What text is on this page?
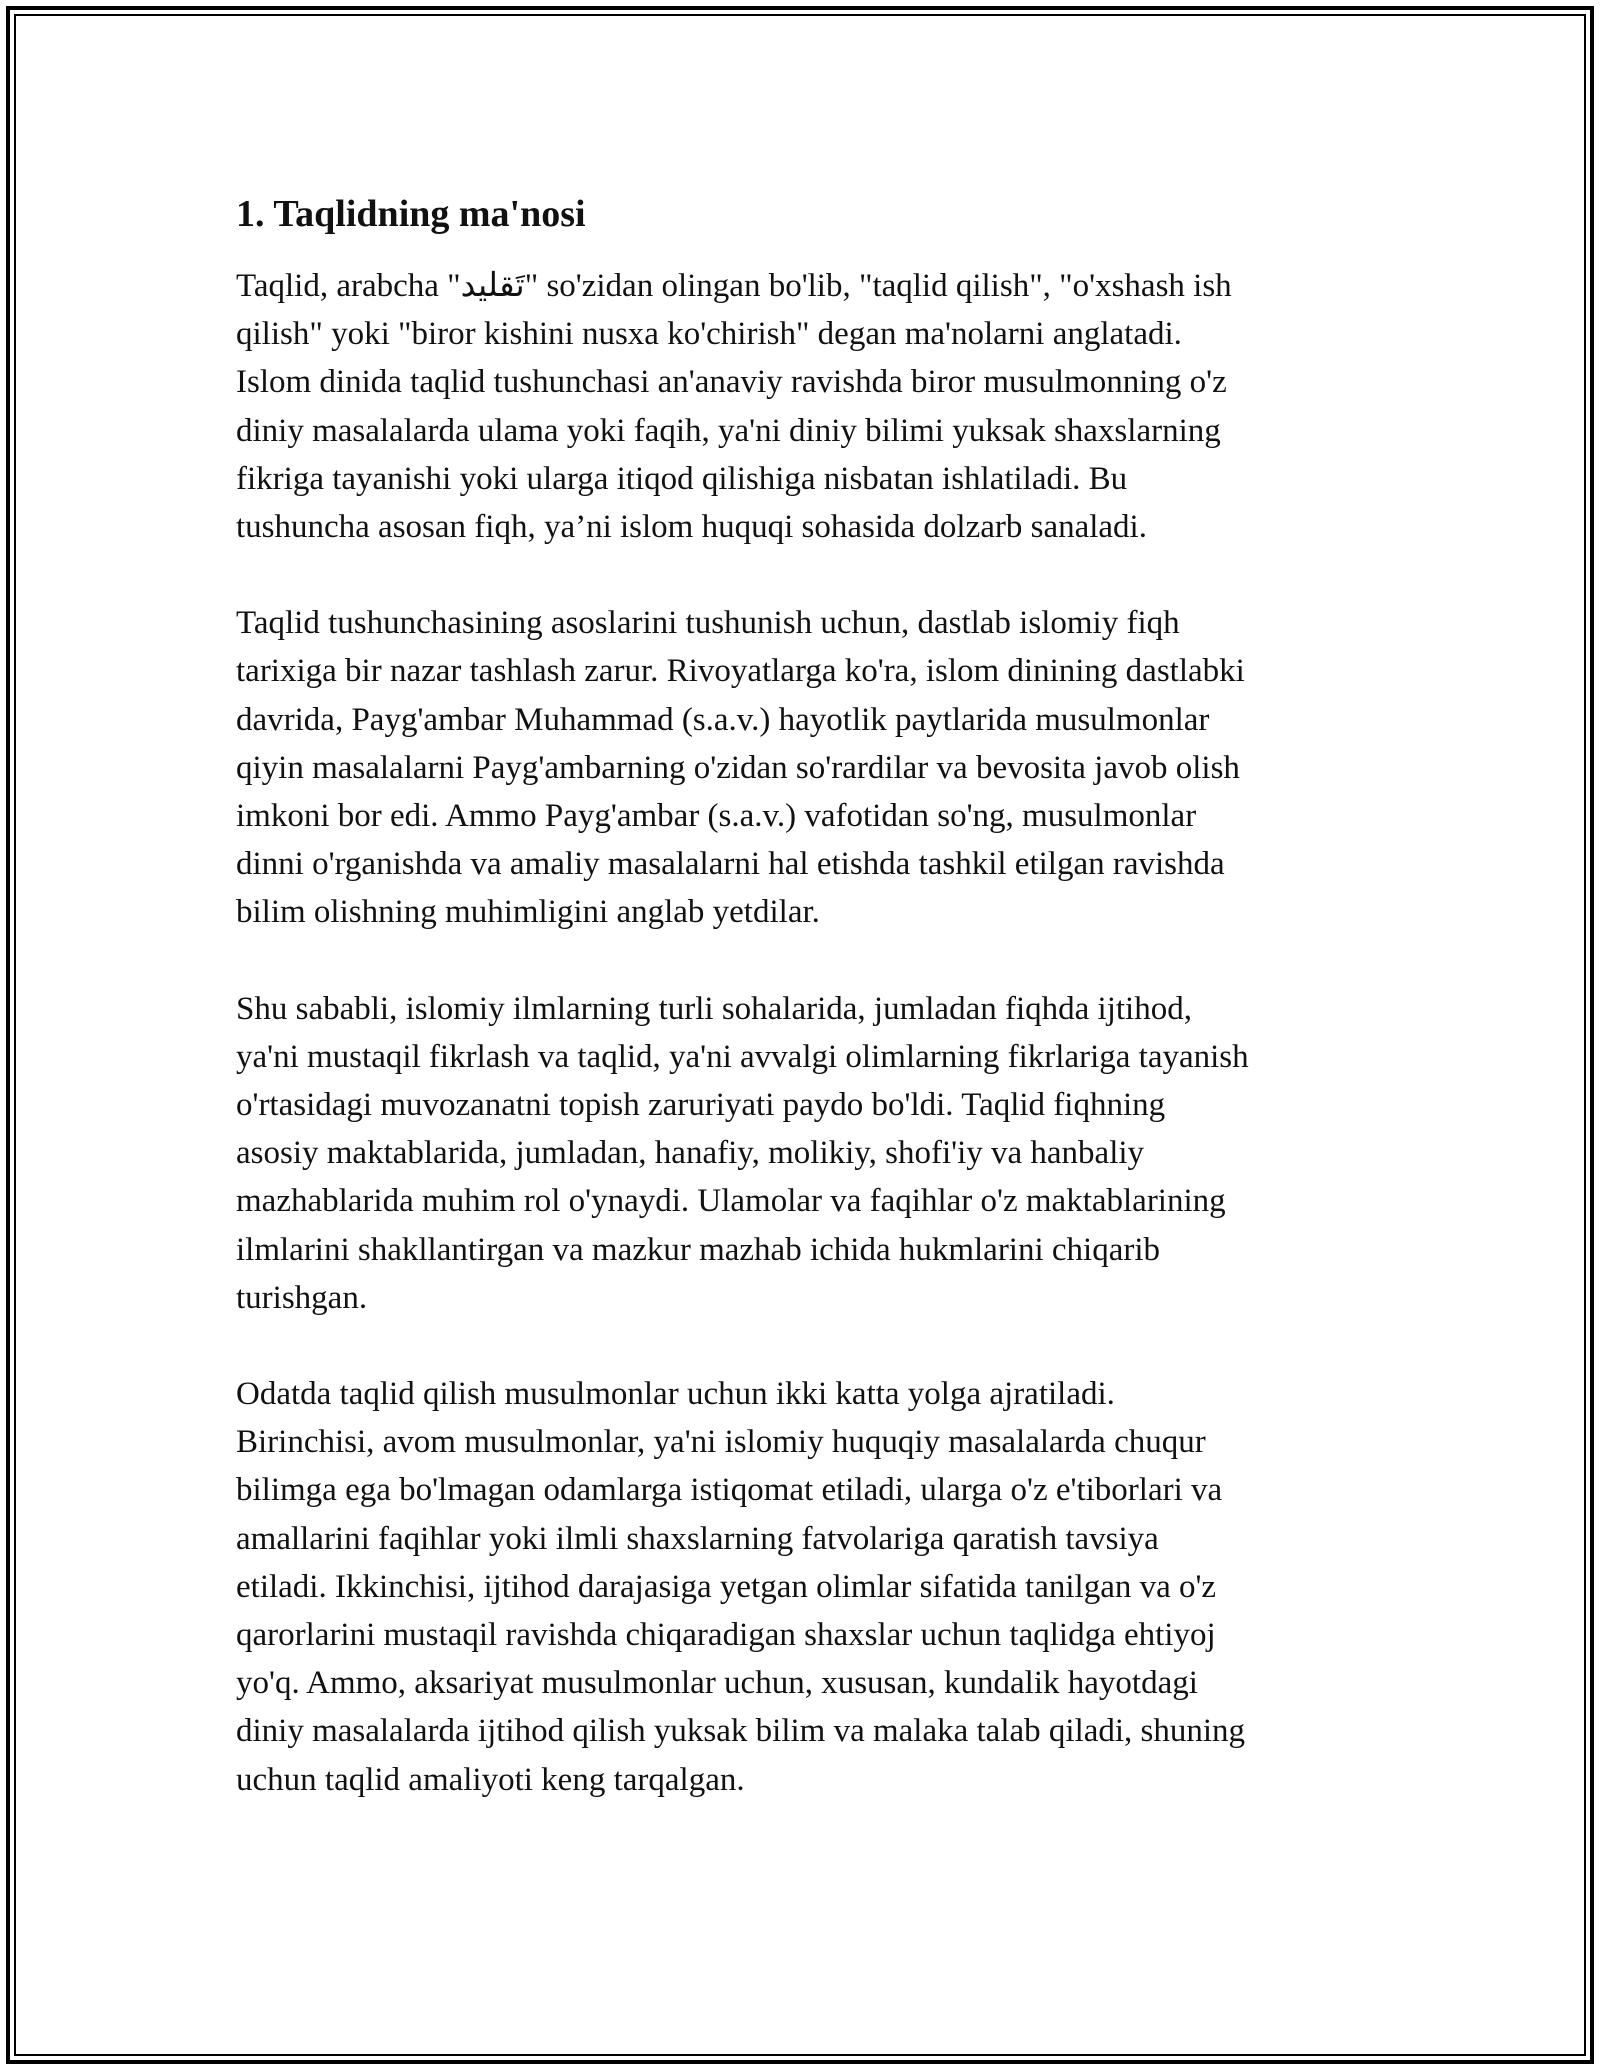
1. Taqlidning ma'nosi

Taqlid, arabcha "تَقليد" so'zidan olingan bo'lib, "taqlid qilish", "o'xshash ish
qilish" yoki "biror kishini nusxa ko'chirish" degan ma'nolarni anglatadi.
Islom dinida taqlid tushunchasi an'anaviy ravishda biror musulmonning o'z
diniy masalalarda ulama yoki faqih, ya'ni diniy bilimi yuksak shaxslarning
fikriga tayanishi yoki ularga itiqod qilishiga nisbatan ishlatiladi. Bu
tushuncha asosan fiqh, ya’ni islom huquqi sohasida dolzarb sanaladi.

Taqlid tushunchasining asoslarini tushunish uchun, dastlab islomiy fiqh
tarixiga bir nazar tashlash zarur. Rivoyatlarga ko'ra, islom dinining dastlabki
davrida, Payg'ambar Muhammad (s.a.v.) hayotlik paytlarida musulmonlar
qiyin masalalarni Payg'ambarning o'zidan so'rardilar va bevosita javob olish
imkoni bor edi. Ammo Payg'ambar (s.a.v.) vafotidan so'ng, musulmonlar
dinni o'rganishda va amaliy masalalarni hal etishda tashkil etilgan ravishda
bilim olishning muhimligini anglab yetdilar.

Shu sababli, islomiy ilmlarning turli sohalarida, jumladan fiqhda ijtihod,
ya'ni mustaqil fikrlash va taqlid, ya'ni avvalgi olimlarning fikrlariga tayanish
o'rtasidagi muvozanatni topish zaruriyati paydo bo'ldi. Taqlid fiqhning
asosiy maktablarida, jumladan, hanafiy, molikiy, shofi'iy va hanbaliy
mazhablarida muhim rol o'ynaydi. Ulamolar va faqihlar o'z maktablarining
ilmlarini shakllantirgan va mazkur mazhab ichida hukmlarini chiqarib
turishgan.

Odatda taqlid qilish musulmonlar uchun ikki katta yolga ajratiladi.
Birinchisi, avom musulmonlar, ya'ni islomiy huquqiy masalalarda chuqur
bilimga ega bo'lmagan odamlarga istiqomat etiladi, ularga o'z e'tiborlari va
amallarini faqihlar yoki ilmli shaxslarning fatvolariga qaratish tavsiya
etiladi. Ikkinchisi, ijtihod darajasiga yetgan olimlar sifatida tanilgan va o'z
qarorlarini mustaqil ravishda chiqaradigan shaxslar uchun taqlidga ehtiyoj
yo'q. Ammo, aksariyat musulmonlar uchun, xususan, kundalik hayotdagi
diniy masalalarda ijtihod qilish yuksak bilim va malaka talab qiladi, shuning
uchun taqlid amaliyoti keng tarqalgan.
